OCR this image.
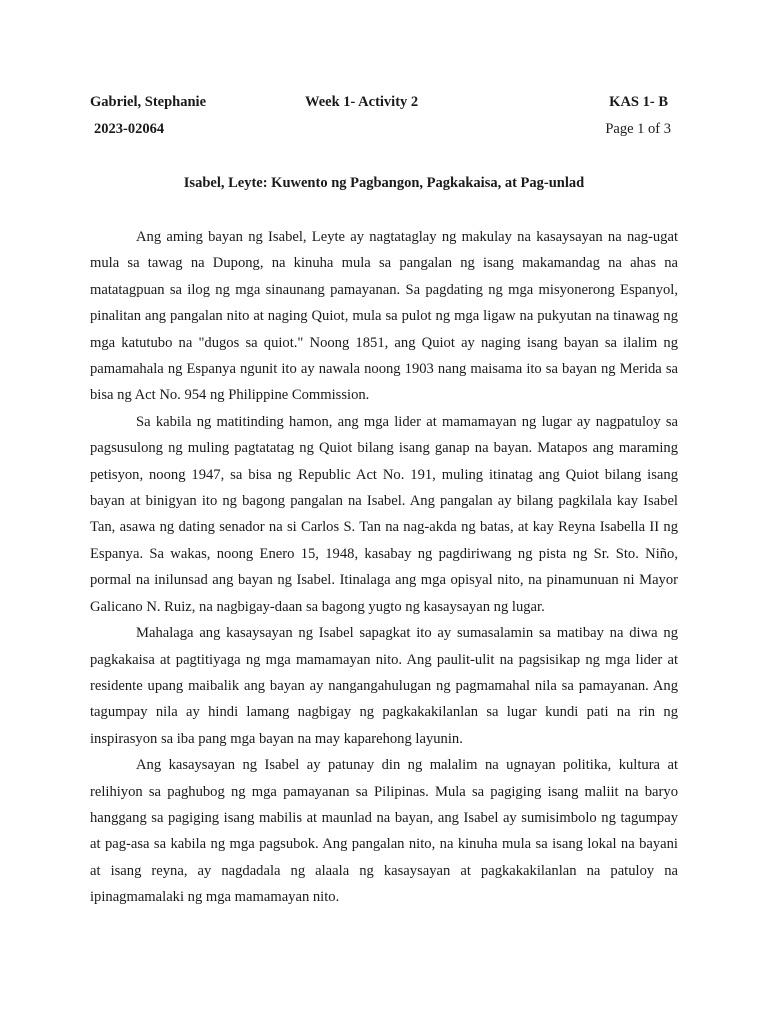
Gabriel, Stephanie	Week 1- Activity 2	KAS 1- B
2023-02064	Page 1 of 3
Isabel, Leyte: Kuwento ng Pagbangon, Pagkakaisa, at Pag-unlad

Ang aming bayan ng Isabel, Leyte ay nagtataglay ng makulay na kasaysayan na nag-ugat mula sa tawag na Dupong, na kinuha mula sa pangalan ng isang makamandag na ahas na matatagpuan sa ilog ng mga sinaunang pamayanan. Sa pagdating ng mga misyonerong Espanyol, pinalitan ang pangalan nito at naging Quiot, mula sa pulot ng mga ligaw na pukyutan na tinawag ng mga katutubo na "dugos sa quiot." Noong 1851, ang Quiot ay naging isang bayan sa ilalim ng pamamahala ng Espanya ngunit ito ay nawala noong 1903 nang maisama ito sa bayan ng Merida sa bisa ng Act No. 954 ng Philippine Commission.

Sa kabila ng matitinding hamon, ang mga lider at mamamayan ng lugar ay nagpatuloy sa pagsusulong ng muling pagtatatag ng Quiot bilang isang ganap na bayan. Matapos ang maraming petisyon, noong 1947, sa bisa ng Republic Act No. 191, muling itinatag ang Quiot bilang isang bayan at binigyan ito ng bagong pangalan na Isabel. Ang pangalan ay bilang pagkilala kay Isabel Tan, asawa ng dating senador na si Carlos S. Tan na nag-akda ng batas, at kay Reyna Isabella II ng Espanya. Sa wakas, noong Enero 15, 1948, kasabay ng pagdiriwang ng pista ng Sr. Sto. Niño, pormal na inilunsad ang bayan ng Isabel. Itinalaga ang mga opisyal nito, na pinamunuan ni Mayor Galicano N. Ruiz, na nagbigay-daan sa bagong yugto ng kasaysayan ng lugar.

Mahalaga ang kasaysayan ng Isabel sapagkat ito ay sumasalamin sa matibay na diwa ng pagkakaisa at pagtitiyaga ng mga mamamayan nito. Ang paulit-ulit na pagsisikap ng mga lider at residente upang maibalik ang bayan ay nangangahulugan ng pagmamahal nila sa pamayanan. Ang tagumpay nila ay hindi lamang nagbigay ng pagkakakilanlan sa lugar kundi pati na rin ng inspirasyon sa iba pang mga bayan na may kaparehong layunin.

Ang kasaysayan ng Isabel ay patunay din ng malalim na ugnayan politika, kultura at relihiyon sa paghubog ng mga pamayanan sa Pilipinas. Mula sa pagiging isang maliit na baryo hanggang sa pagiging isang mabilis at maunlad na bayan, ang Isabel ay sumisimbolo ng tagumpay at pag-asa sa kabila ng mga pagsubok. Ang pangalan nito, na kinuha mula sa isang lokal na bayani at isang reyna, ay nagdadala ng alaala ng kasaysayan at pagkakakilanlan na patuloy na ipinagmamalaki ng mga mamamayan nito.
